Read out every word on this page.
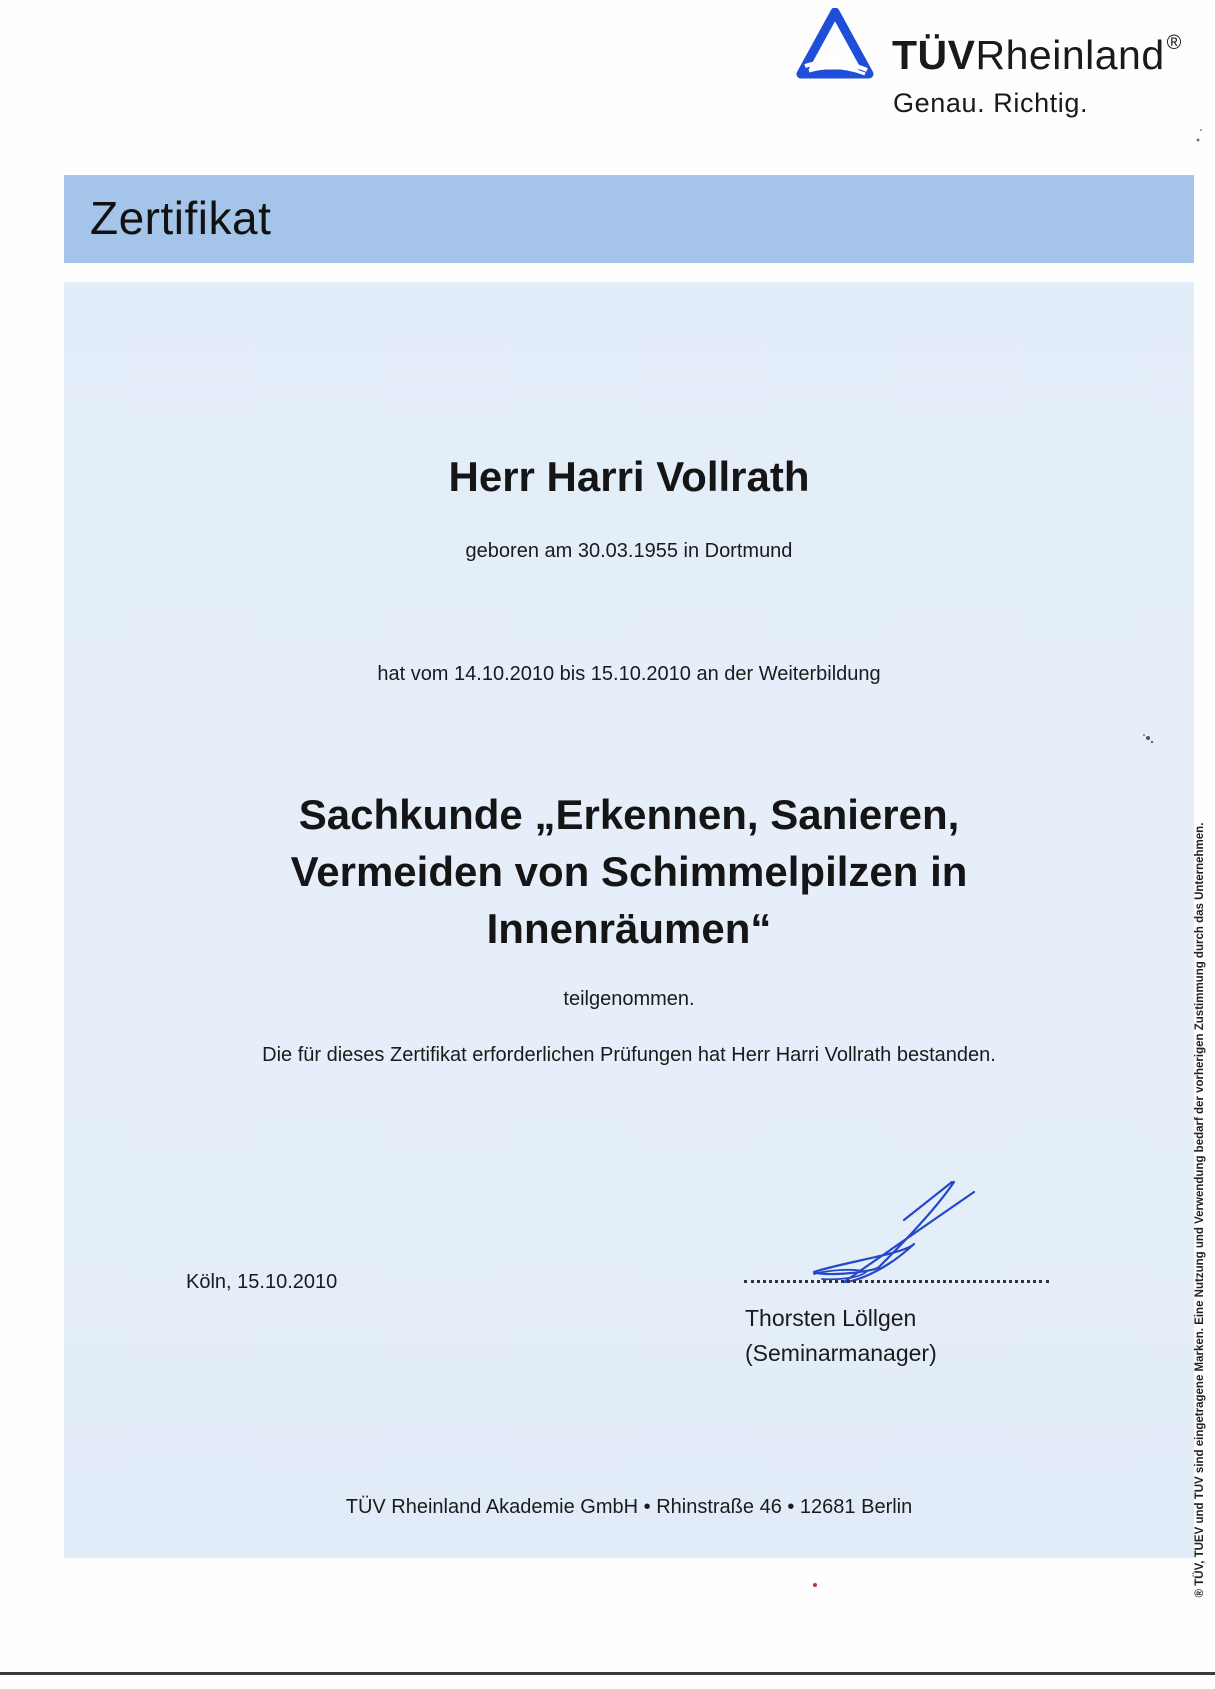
TÜVRheinland ®
Genau. Richtig.
Zertifikat
Herr Harri Vollrath
geboren am 30.03.1955 in Dortmund
hat vom 14.10.2010 bis 15.10.2010 an der Weiterbildung
Sachkunde „Erkennen, Sanieren,
Vermeiden von Schimmelpilzen in
Innenräumen“
teilgenommen.
Die für dieses Zertifikat erforderlichen Prüfungen hat Herr Harri Vollrath bestanden.
Köln, 15.10.2010
Thorsten Löllgen
(Seminarmanager)
TÜV Rheinland Akademie GmbH • Rhinstraße 46 • 12681 Berlin	® TÜV, TUEV und TUV sind eingetragene Marken. Eine Nutzung und Verwendung bedarf der vorherigen Zustimmung durch das Unternehmen.
